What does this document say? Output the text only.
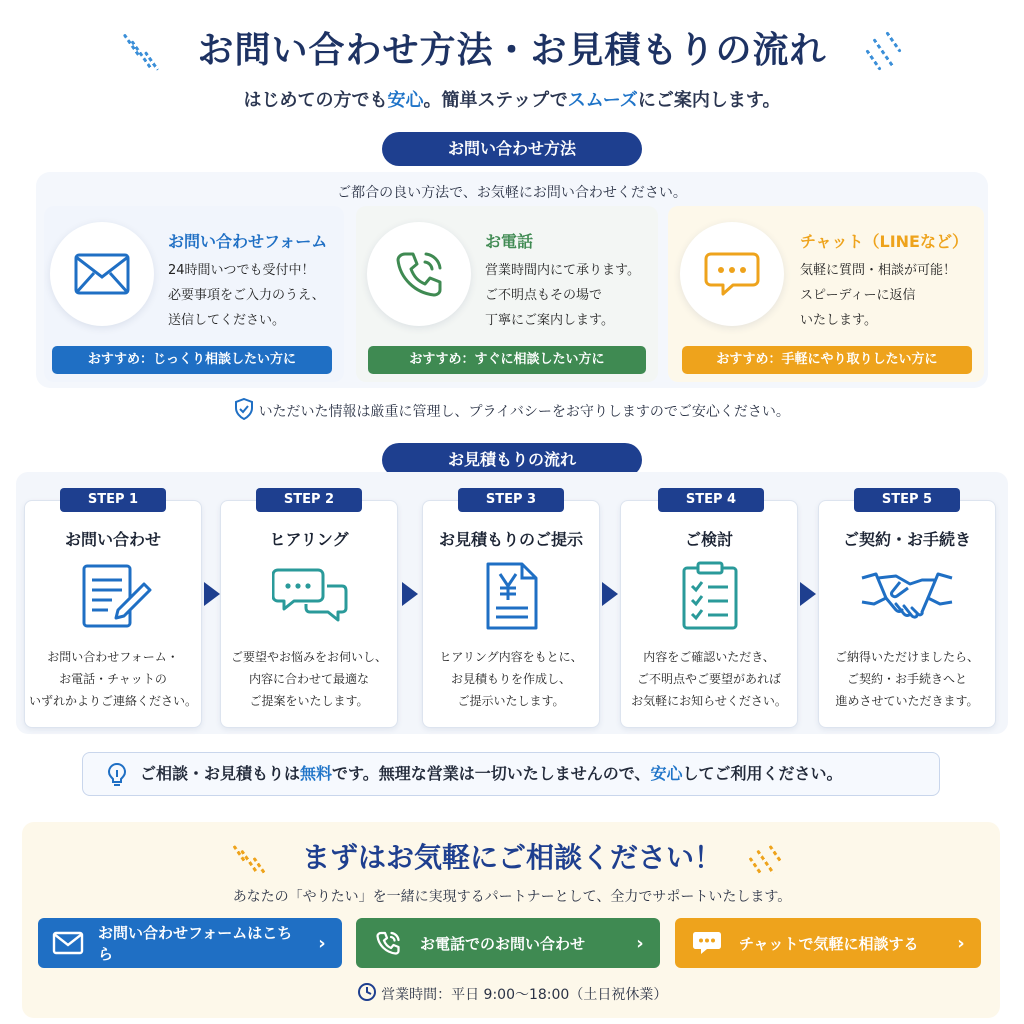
お問い合わせ方法・お見積もりの流れ
はじめての方でも安心。簡単ステップでスムーズにご案内します。
お問い合わせ方法
ご都合の良い方法で、お気軽にお問い合わせください。
お問い合わせフォーム
24時間いつでも受付中！
必要事項をご入力のうえ、
送信してください。
おすすめ：じっくり相談したい方に
お電話
営業時間内にて承ります。
ご不明点もその場で
丁寧にご案内します。
おすすめ：すぐに相談したい方に
チャット（LINEなど）
気軽に質問・相談が可能！
スピーディーに返信
いたします。
おすすめ：手軽にやり取りしたい方に
いただいた情報は厳重に管理し、プライバシーをお守りしますのでご安心ください。
お見積もりの流れ
STEP 1
お問い合わせ
お問い合わせフォーム・
お電話・チャットの
いずれかよりご連絡ください。
STEP 2
ヒアリング
ご要望やお悩みをお伺いし、
内容に合わせて最適な
ご提案をいたします。
STEP 3
お見積もりのご提示
ヒアリング内容をもとに、
お見積もりを作成し、
ご提示いたします。
STEP 4
ご検討
内容をご確認いただき、
ご不明点やご要望があれば
お気軽にお知らせください。
STEP 5
ご契約・お手続き
ご納得いただけましたら、
ご契約・お手続きへと
進めさせていただきます。
ご相談・お見積もりは無料です。無理な営業は一切いたしませんので、安心してご利用ください。
まずはお気軽にご相談ください！
あなたの「やりたい」を一緒に実現するパートナーとして、全力でサポートいたします。
お問い合わせフォームはこちら
›	お電話でのお問い合わせ	›	チャットで気軽に相談する	›
営業時間：平日 9:00〜18:00（土日祝休業）
